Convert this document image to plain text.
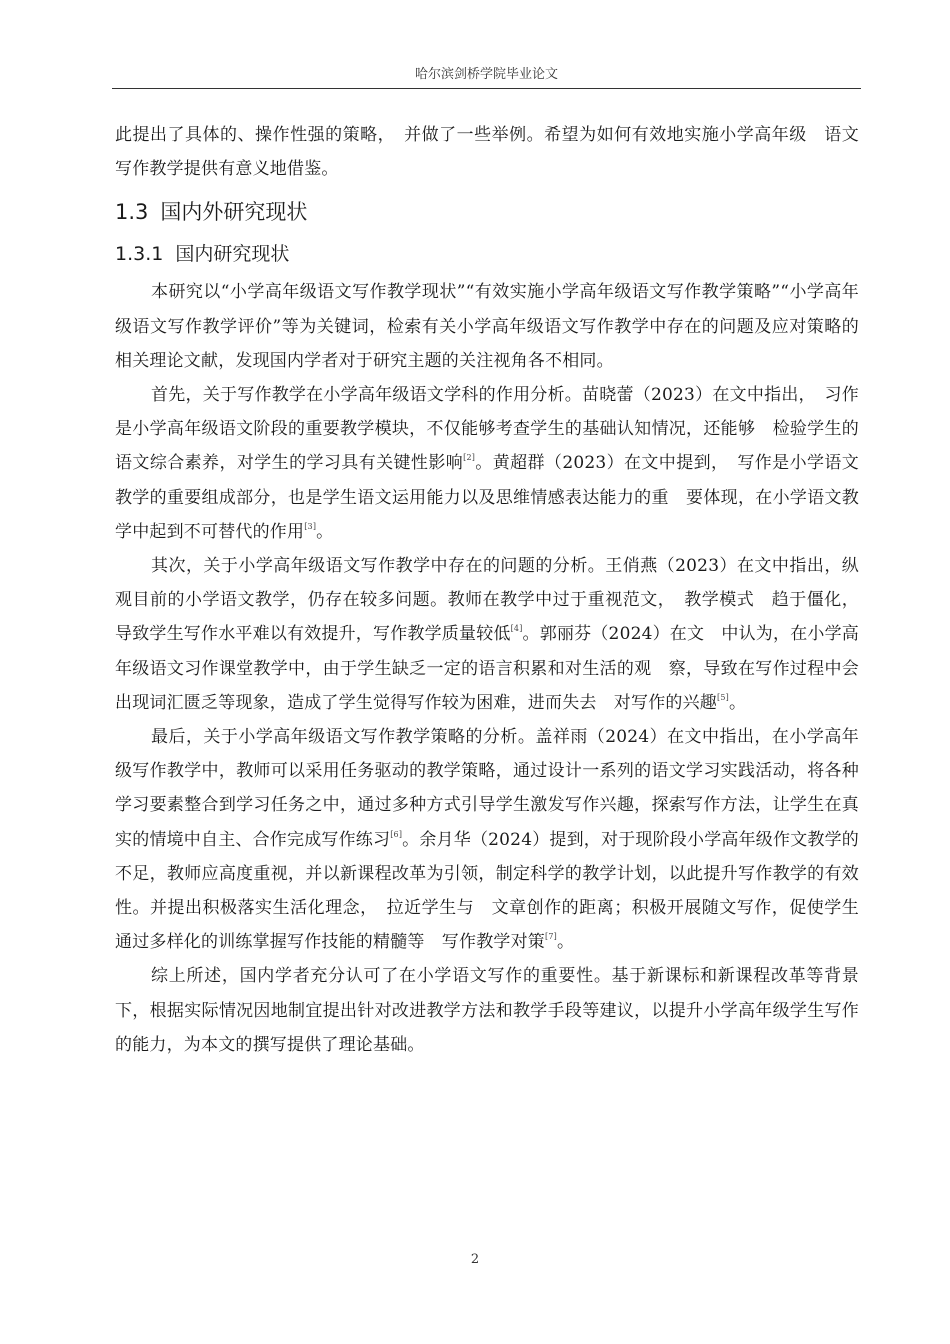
哈尔滨剑桥学院毕业论文

此提出了具体的、操作性强的策略，　并做了一些举例。希望为如何有效地实施小学高年级　语文写作教学提供有意义地借鉴。

1.3 国内外研究现状
1.3.1 国内研究现状

本研究以“小学高年级语文写作教学现状”“有效实施小学高年级语文写作教学策略”“小学高年级语文写作教学评价”等为关键词，检索有关小学高年级语文写作教学中存在的问题及应对策略的相关理论文献，发现国内学者对于研究主题的关注视角各不相同。

首先，关于写作教学在小学高年级语文学科的作用分析。苗晓蕾（2023）在文中指出，　习作是小学高年级语文阶段的重要教学模块，不仅能够考查学生的基础认知情况，还能够　检验学生的语文综合素养，对学生的学习具有关键性影响[2]。黄超群（2023）在文中提到，　写作是小学语文教学的重要组成部分，也是学生语文运用能力以及思维情感表达能力的重　要体现，在小学语文教学中起到不可替代的作用[3]。

其次，关于小学高年级语文写作教学中存在的问题的分析。王俏燕（2023）在文中指出，纵观目前的小学语文教学，仍存在较多问题。教师在教学中过于重视范文，　教学模式　趋于僵化，导致学生写作水平难以有效提升，写作教学质量较低[4]。郭丽芬（2024）在文　中认为，在小学高年级语文习作课堂教学中，由于学生缺乏一定的语言积累和对生活的观　察，导致在写作过程中会出现词汇匮乏等现象，造成了学生觉得写作较为困难，进而失去　对写作的兴趣[5]。

最后，关于小学高年级语文写作教学策略的分析。盖祥雨（2024）在文中指出，在小学高年级写作教学中，教师可以采用任务驱动的教学策略，通过设计一系列的语文学习实践活动，将各种学习要素整合到学习任务之中，通过多种方式引导学生激发写作兴趣，探索写作方法，让学生在真实的情境中自主、合作完成写作练习[6]。余月华（2024）提到，对于现阶段小学高年级作文教学的不足，教师应高度重视，并以新课程改革为引领，制定科学的教学计划，以此提升写作教学的有效性。并提出积极落实生活化理念，　拉近学生与　文章创作的距离；积极开展随文写作，促使学生通过多样化的训练掌握写作技能的精髓等　写作教学对策[7]。

综上所述，国内学者充分认可了在小学语文写作的重要性。基于新课标和新课程改革等背景下，根据实际情况因地制宜提出针对改进教学方法和教学手段等建议，以提升小学高年级学生写作的能力，为本文的撰写提供了理论基础。

2
